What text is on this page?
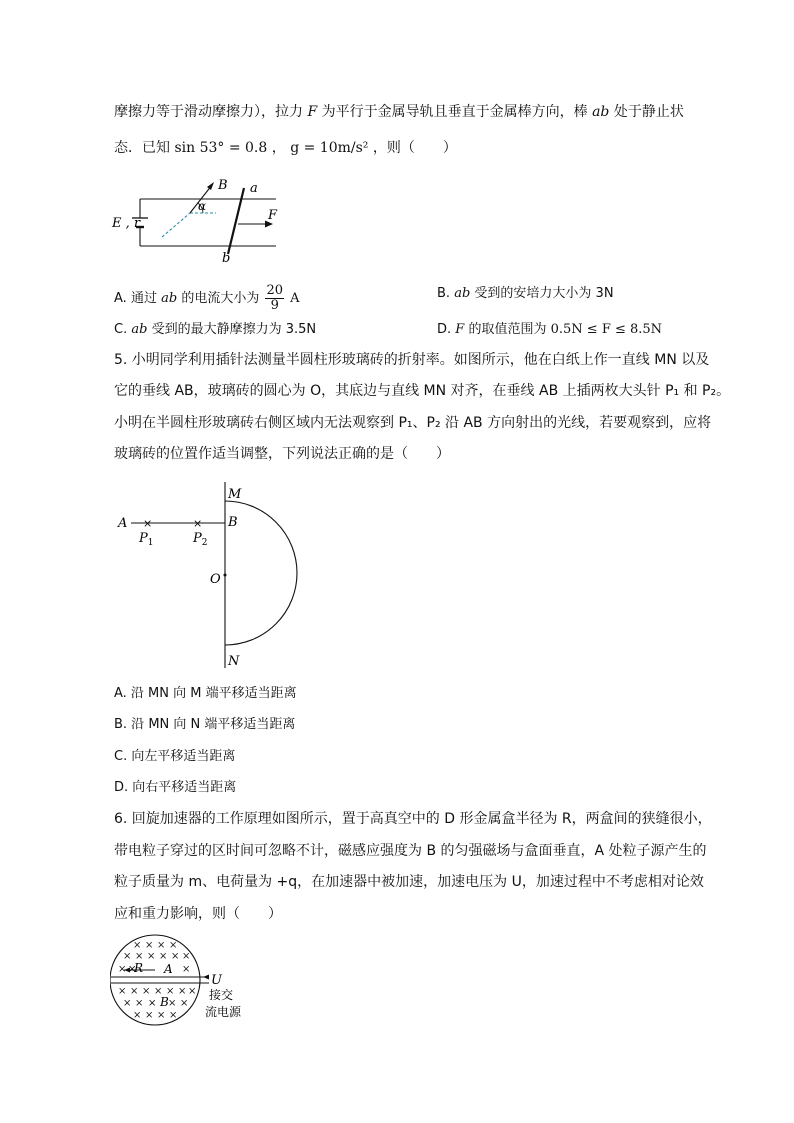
摩擦力等于滑动摩擦力），拉力 F 为平行于金属导轨且垂直于金属棒方向，棒 ab 处于静止状
态．已知 sin 53° = 0.8 ， g = 10m/s² ，则（　　）
E , r
B
α
a
b
F
A. 通过 ab 的电流大小为 $\frac{20}{9}$ A	B. ab 受到的安培力大小为 3N
C. ab 受到的最大静摩擦力为 3.5N	D. F 的取值范围为 0.5N ≤ F ≤ 8.5N
5. 小明同学利用插针法测量半圆柱形玻璃砖的折射率。如图所示，他在白纸上作一直线 MN 以及
它的垂线 AB，玻璃砖的圆心为 O，其底边与直线 MN 对齐，在垂线 AB 上插两枚大头针 P₁ 和 P₂。
小明在半圆柱形玻璃砖右侧区域内无法观察到 P₁、P₂ 沿 AB 方向射出的光线，若要观察到，应将
玻璃砖的位置作适当调整，下列说法正确的是（　　）
M
B
A ×	×
$P_1$	$P_2$
O
N
A. 沿 MN 向 M 端平移适当距离
B. 沿 MN 向 N 端平移适当距离
C. 向左平移适当距离
D. 向右平移适当距离
6. 回旋加速器的工作原理如图所示，置于高真空中的 D 形金属盒半径为 R，两盒间的狭缝很小，
带电粒子穿过的区时间可忽略不计，磁感应强度为 B 的匀强磁场与盒面垂直，A 处粒子源产生的
粒子质量为 m、电荷量为 +q，在加速器中被加速，加速电压为 U，加速过程中不考虑相对论效
应和重力影响，则（　　）
U
× × × ×
× × × × × ×
×	×
× × × × × × ×
× × × ×
× × × ×
R
× A
B
×
接交
流电源
